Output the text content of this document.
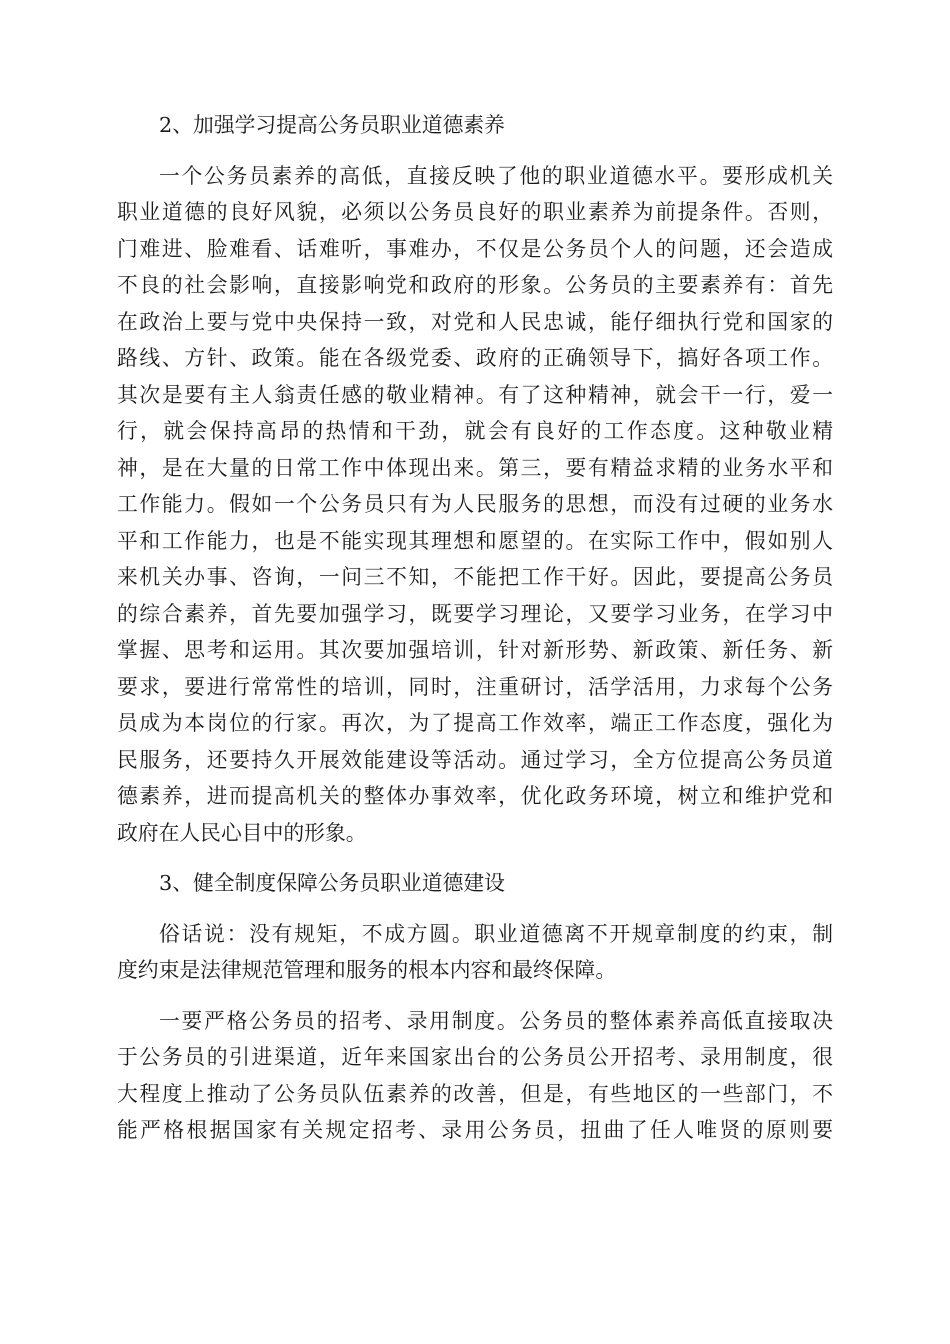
2、加强学习提高公务员职业道德素养
一个公务员素养的高低，直接反映了他的职业道德水平。要形成机关
职业道德的良好风貌，必须以公务员良好的职业素养为前提条件。否则，
门难进、脸难看、话难听，事难办，不仅是公务员个人的问题，还会造成
不良的社会影响，直接影响党和政府的形象。公务员的主要素养有：首先
在政治上要与党中央保持一致，对党和人民忠诚，能仔细执行党和国家的
路线、方针、政策。能在各级党委、政府的正确领导下，搞好各项工作。
其次是要有主人翁责任感的敬业精神。有了这种精神，就会干一行，爱一
行，就会保持高昂的热情和干劲，就会有良好的工作态度。这种敬业精
神，是在大量的日常工作中体现出来。第三，要有精益求精的业务水平和
工作能力。假如一个公务员只有为人民服务的思想，而没有过硬的业务水
平和工作能力，也是不能实现其理想和愿望的。在实际工作中，假如别人
来机关办事、咨询，一问三不知，不能把工作干好。因此，要提高公务员
的综合素养，首先要加强学习，既要学习理论，又要学习业务，在学习中
掌握、思考和运用。其次要加强培训，针对新形势、新政策、新任务、新
要求，要进行常常性的培训，同时，注重研讨，活学活用，力求每个公务
员成为本岗位的行家。再次，为了提高工作效率，端正工作态度，强化为
民服务，还要持久开展效能建设等活动。通过学习，全方位提高公务员道
德素养，进而提高机关的整体办事效率，优化政务环境，树立和维护党和
政府在人民心目中的形象。
3、健全制度保障公务员职业道德建设
俗话说：没有规矩，不成方圆。职业道德离不开规章制度的约束，制
度约束是法律规范管理和服务的根本内容和最终保障。
一要严格公务员的招考、录用制度。公务员的整体素养高低直接取决
于公务员的引进渠道，近年来国家出台的公务员公开招考、录用制度，很
大程度上推动了公务员队伍素养的改善，但是，有些地区的一些部门，不
能严格根据国家有关规定招考、录用公务员，扭曲了任人唯贤的原则要
